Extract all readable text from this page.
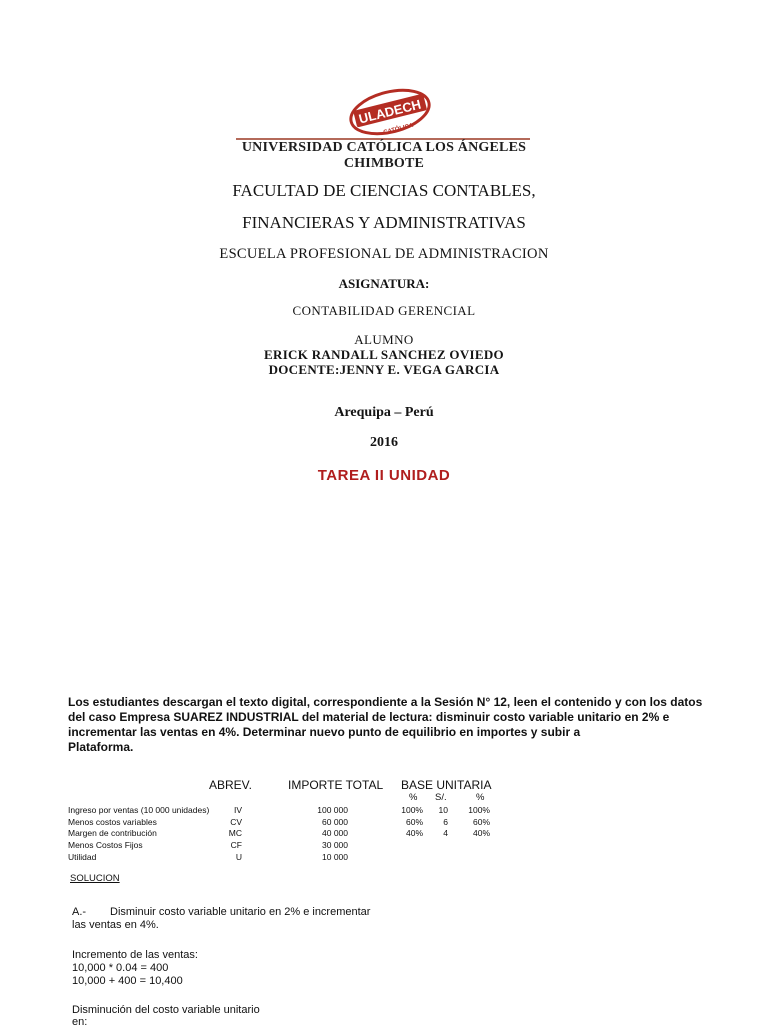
ULADECH
CATÓLICA
UNIVERSIDAD CATÓLICA LOS ÁNGELES
CHIMBOTE
FACULTAD DE CIENCIAS CONTABLES,
FINANCIERAS Y ADMINISTRATIVAS
ESCUELA PROFESIONAL DE ADMINISTRACION
ASIGNATURA:
CONTABILIDAD GERENCIAL
ALUMNO
ERICK RANDALL SANCHEZ OVIEDO
DOCENTE:JENNY E. VEGA GARCIA
Arequipa – Perú
2016
TAREA II UNIDAD
Los estudiantes descargan el texto digital, correspondiente a la Sesión N° 12, leen el contenido y con los datos
del caso Empresa SUAREZ INDUSTRIAL del material de lectura: disminuir costo variable unitario en 2% e
incrementar las ventas en 4%. Determinar nuevo punto de equilibrio en importes y subir a
Plataforma.
ABREV.	IMPORTE TOTAL BASE UNITARIA
% S/.	%
Ingreso por ventas (10 000 unidades)	IV	100 000	100%	10	100%
Menos costos variables	CV	60 000	60%	6	60%
Margen de contribución	MC	40 000	40%	4	40%
Menos Costos Fijos	CF	30 000
Utilidad	U	10 000
SOLUCION
A.- Disminuir costo variable unitario en 2% e incrementar
las ventas en 4%.
Incremento de las ventas:
10,000 * 0.04 = 400
10,000 + 400 = 10,400
Disminución del costo variable unitario
en:
